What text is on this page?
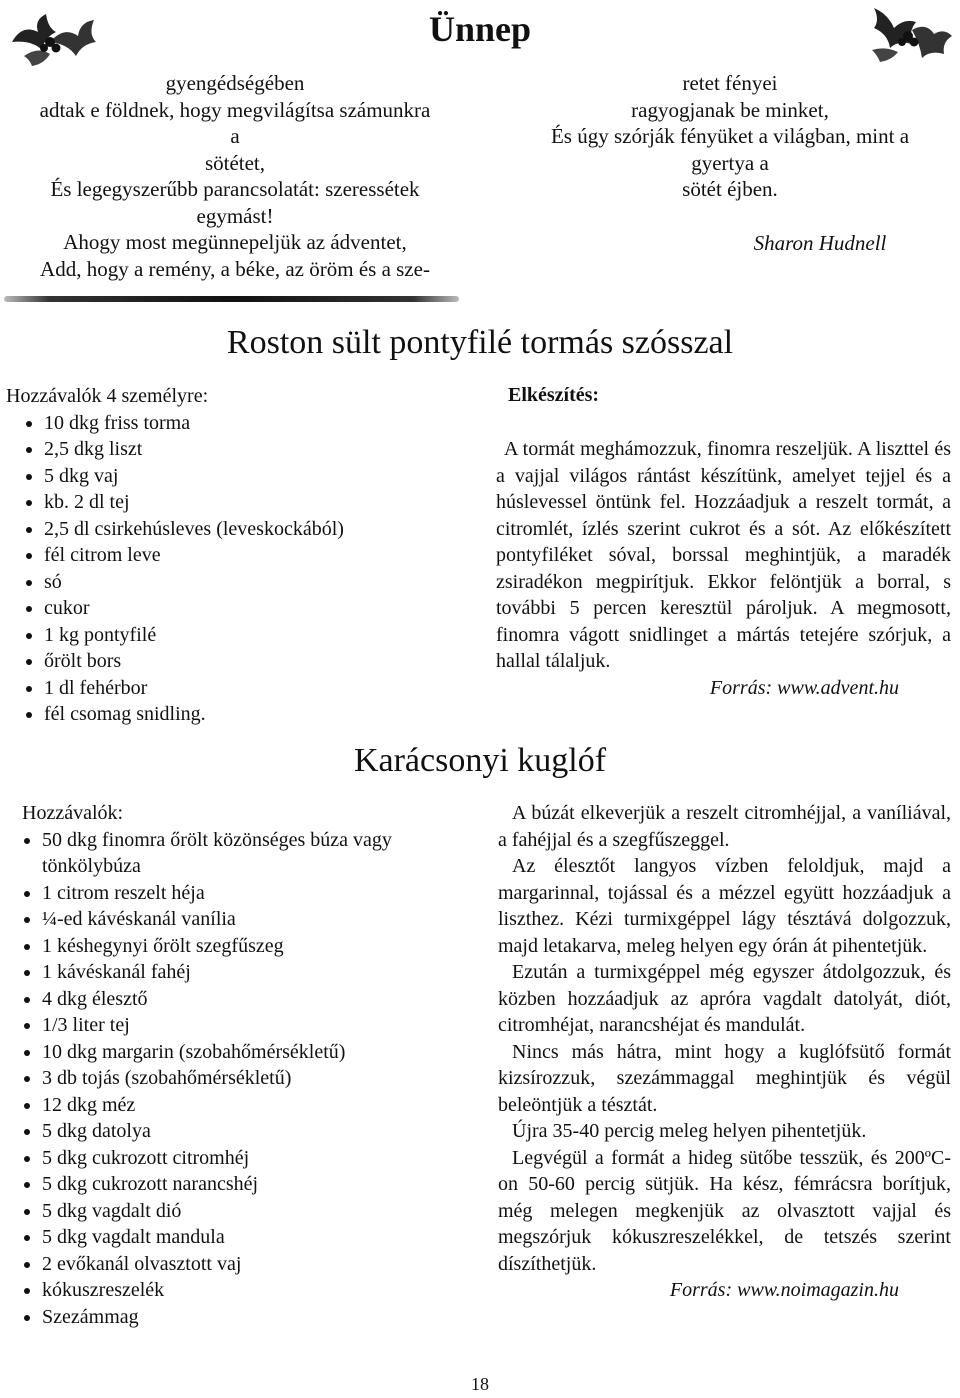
Ünnep
gyengédségében
adtak e földnek, hogy megvilágítsa számunkra
a
sötétet,
És legegyszerűbb parancsolatát: szeressétek
egymást!
Ahogy most megünnepeljük az ádventet,
Add, hogy a remény, a béke, az öröm és a sze-
retet fényei
ragyogjanak be minket,
És úgy szórják fényüket a világban, mint a
gyertya a
sötét éjben.
Sharon Hudnell
Roston sült pontyfilé tormás szósszal
Hozzávalók 4 személyre:
10 dkg friss torma
2,5 dkg liszt
5 dkg vaj
kb. 2 dl tej
2,5 dl csirkehúsleves (leveskockából)
fél citrom leve
só
cukor
1 kg pontyfilé
őrölt bors
1 dl fehérbor
fél csomag snidling.
Elkészítés:

A tormát meghámozzuk, finomra reszeljük. A liszttel és a vajjal világos rántást készítünk, amelyet tejjel és a húslevessel öntünk fel. Hozzáadjuk a reszelt tormát, a citromlét, ízlés szerint cukrot és a sót. Az előkészített pontyfiléket sóval, borssal meghintjük, a maradék zsiradékon megpirítjuk. Ekkor felöntjük a borral, s további 5 percen keresztül pároljuk. A megmosott, finomra vágott snidlinget a mártás tetejére szórjuk, a hallal tálaljuk.

Forrás: www.advent.hu
Karácsonyi kuglóf
Hozzávalók:
50 dkg finomra őrölt közönséges búza vagy tönkölybúza
1 citrom reszelt héja
¼-ed kávéskanál vanília
1 késhegynyi őrölt szegfűszeg
1 kávéskanál fahéj
4 dkg élesztő
1/3 liter tej
10 dkg margarin (szobahőmérsékletű)
3 db tojás (szobahőmérsékletű)
12 dkg méz
5 dkg datolya
5 dkg cukrozott citromhéj
5 dkg cukrozott narancshéj
5 dkg vagdalt dió
5 dkg vagdalt mandula
2 evőkanál olvasztott vaj
kókuszreszelék
Szezámmag

A búzát elkeverjük a reszelt citromhéjjal, a vaníliával, a fahéjjal és a szegfűszeggel.

Az élesztőt langyos vízben feloldjuk, majd a margarinnal, tojással és a mézzel együtt hozzáadjuk a liszthez. Kézi turmixgéppel lágy tésztává dolgozzuk, majd letakarva, meleg helyen egy órán át pihentetjük.

Ezután a turmixgéppel még egyszer átdolgozzuk, és közben hozzáadjuk az apróra vagdalt datolyát, diót, citromhéjat, narancshéjat és mandulát.

Nincs más hátra, mint hogy a kuglófsütő formát kizsírozzuk, szezámmaggal meghintjük és végül beleöntjük a tésztát.

Újra 35-40 percig meleg helyen pihentetjük.

Legvégül a formát a hideg sütőbe tesszük, és 200ºC-on 50-60 percig sütjük. Ha kész, fémrácsra borítjuk, még melegen megkenjük az olvasztott vajjal és megszórjuk kókuszreszelékkel, de tetszés szerint díszíthetjük.

Forrás: www.noimagazin.hu
18
